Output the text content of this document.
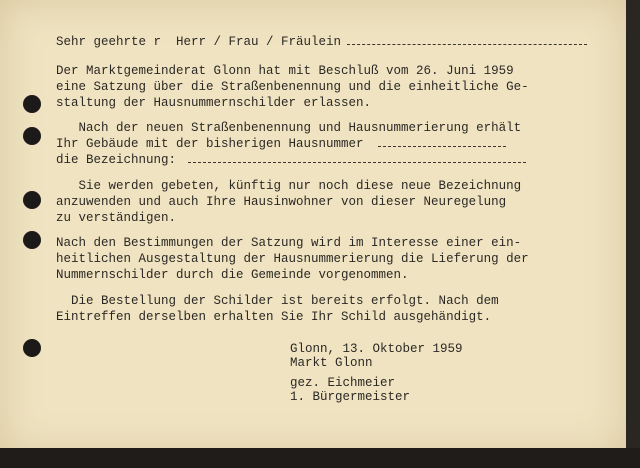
Sehr geehrte r  Herr / Frau / Fräulein
Der Marktgemeinderat Glonn hat mit Beschluß vom 26. Juni 1959
eine Satzung über die Straßenbenennung und die einheitliche Ge-
staltung der Hausnummernschilder erlassen.
Nach der neuen Straßenbenennung und Hausnummerierung erhält
Ihr Gebäude mit der bisherigen Hausnummer
die Bezeichnung:
Sie werden gebeten, künftig nur noch diese neue Bezeichnung
anzuwenden und auch Ihre Hausinwohner von dieser Neuregelung
zu verständigen.
Nach den Bestimmungen der Satzung wird im Interesse einer ein-
heitlichen Ausgestaltung der Hausnummerierung die Lieferung der
Nummernschilder durch die Gemeinde vorgenommen.
Die Bestellung der Schilder ist bereits erfolgt. Nach dem
Eintreffen derselben erhalten Sie Ihr Schild ausgehändigt.
Glonn, 13. Oktober 1959
Markt Glonn
gez. Eichmeier
1. Bürgermeister
